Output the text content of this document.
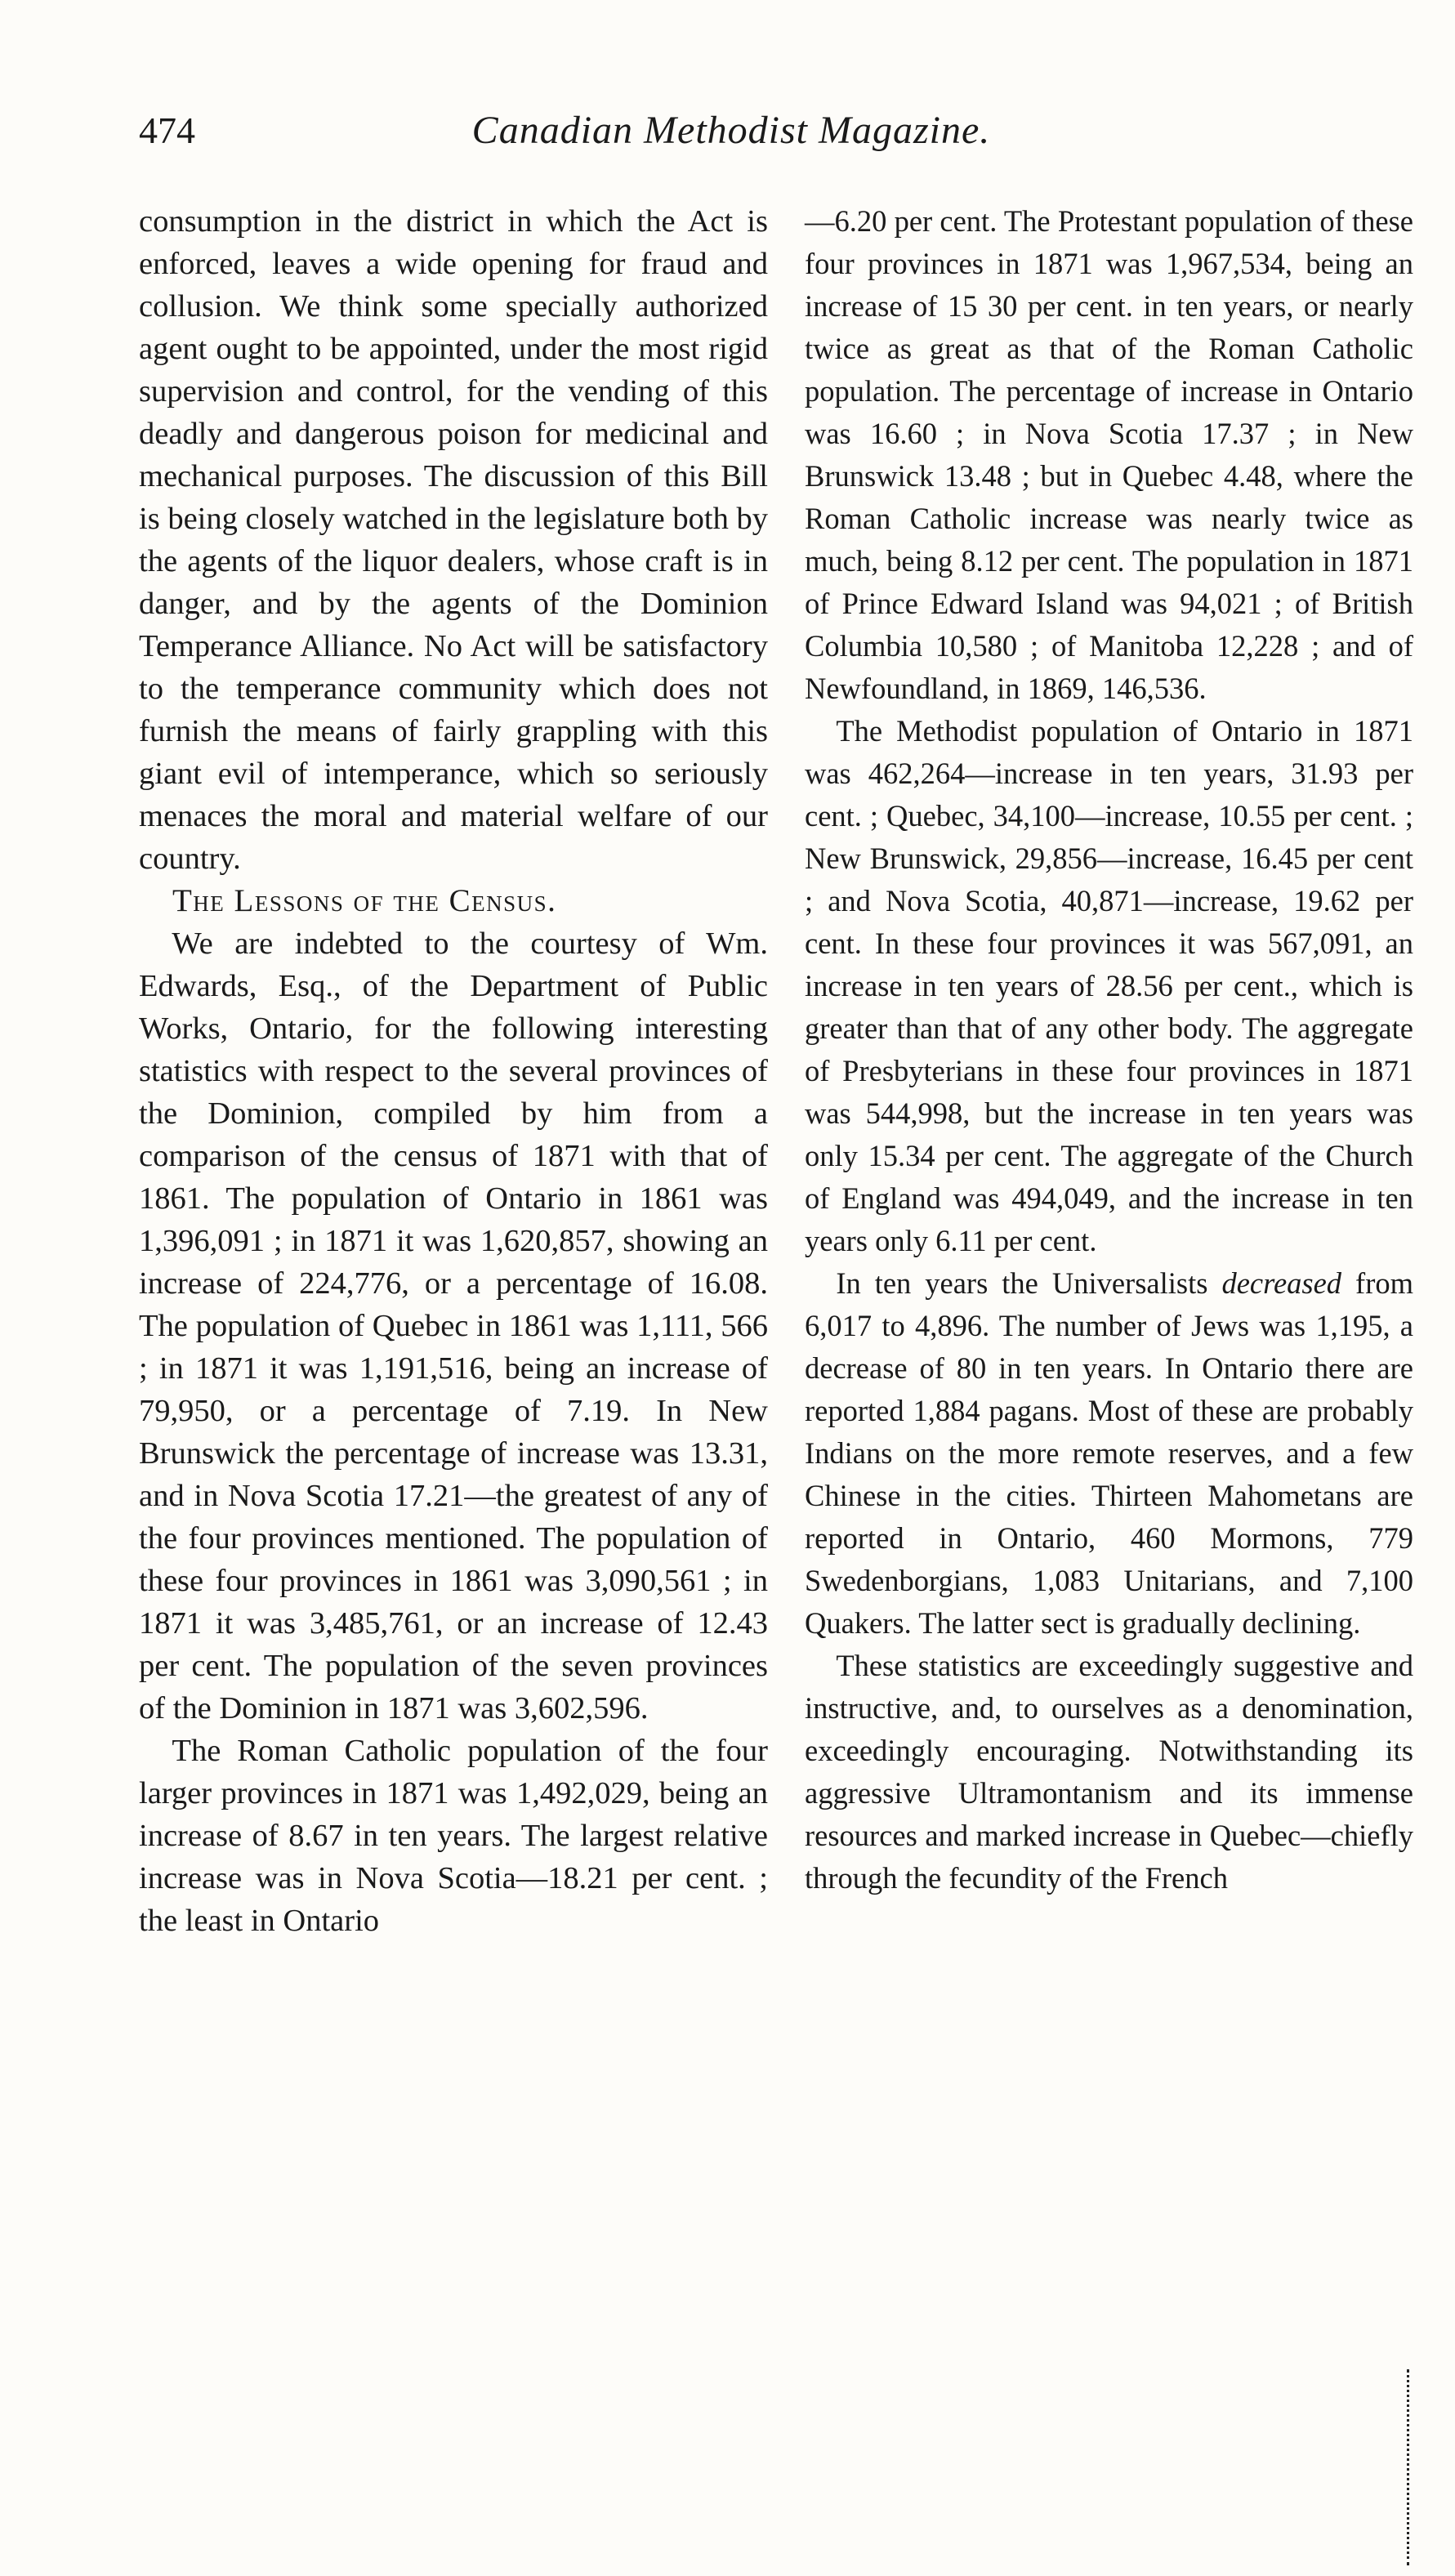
474	Canadian Methodist Magazine.

consumption in the district in which the Act is enforced, leaves a wide opening for fraud and collusion. We think some specially authorized agent ought to be appointed, under the most rigid supervision and control, for the vending of this deadly and dangerous poison for medicinal and mechanical purposes. The discussion of this Bill is being closely watched in the legislature both by the agents of the liquor dealers, whose craft is in danger, and by the agents of the Dominion Temperance Alliance. No Act will be satisfactory to the temperance community which does not furnish the means of fairly grappling with this giant evil of intemperance, which so seriously menaces the moral and material welfare of our country.

The Lessons of the Census.

We are indebted to the courtesy of Wm. Edwards, Esq., of the Department of Public Works, Ontario, for the following interesting statistics with respect to the several provinces of the Dominion, compiled by him from a comparison of the census of 1871 with that of 1861. The population of Ontario in 1861 was 1,396,091 ; in 1871 it was 1,620,857, showing an increase of 224,776, or a percentage of 16.08. The population of Quebec in 1861 was 1,111, 566 ; in 1871 it was 1,191,516, being an increase of 79,950, or a percentage of 7.19. In New Brunswick the percentage of increase was 13.31, and in Nova Scotia 17.21—the greatest of any of the four provinces mentioned. The population of these four provinces in 1861 was 3,090,561 ; in 1871 it was 3,485,761, or an increase of 12.43 per cent. The population of the seven provinces of the Dominion in 1871 was 3,602,596.

The Roman Catholic population of the four larger provinces in 1871 was 1,492,029, being an increase of 8.67 in ten years. The largest relative increase was in Nova Scotia—18.21 per cent. ; the least in Ontario

—6.20 per cent. The Protestant population of these four provinces in 1871 was 1,967,534, being an increase of 15 30 per cent. in ten years, or nearly twice as great as that of the Roman Catholic population. The percentage of increase in Ontario was 16.60 ; in Nova Scotia 17.37 ; in New Brunswick 13.48 ; but in Quebec 4.48, where the Roman Catholic increase was nearly twice as much, being 8.12 per cent. The population in 1871 of Prince Edward Island was 94,021 ; of British Columbia 10,580 ; of Manitoba 12,228 ; and of Newfoundland, in 1869, 146,536.

The Methodist population of Ontario in 1871 was 462,264—increase in ten years, 31.93 per cent. ; Quebec, 34,100—increase, 10.55 per cent. ; New Brunswick, 29,856—increase, 16.45 per cent ; and Nova Scotia, 40,871—increase, 19.62 per cent. In these four provinces it was 567,091, an increase in ten years of 28.56 per cent., which is greater than that of any other body. The aggregate of Presbyterians in these four provinces in 1871 was 544,998, but the increase in ten years was only 15.34 per cent. The aggregate of the Church of England was 494,049, and the increase in ten years only 6.11 per cent.

In ten years the Universalists decreased from 6,017 to 4,896. The number of Jews was 1,195, a decrease of 80 in ten years. In Ontario there are reported 1,884 pagans. Most of these are probably Indians on the more remote reserves, and a few Chinese in the cities. Thirteen Mahometans are reported in Ontario, 460 Mormons, 779 Swedenborgians, 1,083 Unitarians, and 7,100 Quakers. The latter sect is gradually declining.

These statistics are exceedingly suggestive and instructive, and, to ourselves as a denomination, exceedingly encouraging. Notwithstanding its aggressive Ultramontanism and its immense resources and marked increase in Quebec—chiefly through the fecundity of the French
